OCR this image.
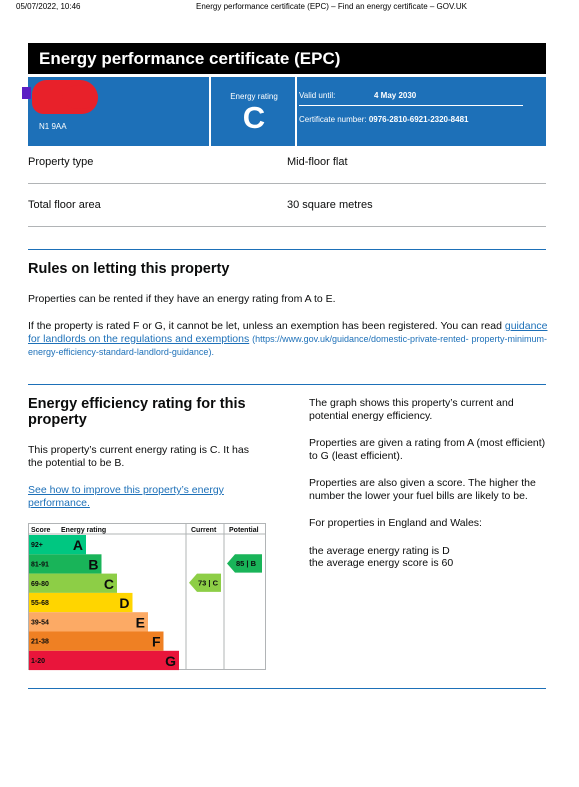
05/07/2022, 10:46	Energy performance certificate (EPC) – Find an energy certificate – GOV.UK
Energy performance certificate (EPC)
N1 9AA
Energy rating
C
Valid until:	4 May 2030
Certificate number: 0976-2810-6921-2320-8481
Property type	Mid-floor flat
Total floor area	30 square metres
Rules on letting this property

Properties can be rented if they have an energy rating from A to E.

If the property is rated F or G, it cannot be let, unless an exemption has been registered. You can read guidance for landlords on the regulations and exemptions (https://www.gov.uk/guidance/domestic-private-rented- property-minimum-energy-efficiency-standard-landlord-guidance).

Energy efficiency rating for this property

This property’s current energy rating is C. It has the potential to be B.

See how to improve this property’s energy performance.

The graph shows this property’s current and potential energy efficiency.

Properties are given a rating from A (most efficient) to G (least efficient).

Properties are also given a score. The higher the number the lower your fuel bills are likely to be.

For properties in England and Wales:

the average energy rating is D

the average energy score is 60

Score Energy rating	Current Potential
92+ A
81-91	B
69-80	C
55-68	D
39-54	E
21-38	F
1-20	G
73 | C
85 | B
